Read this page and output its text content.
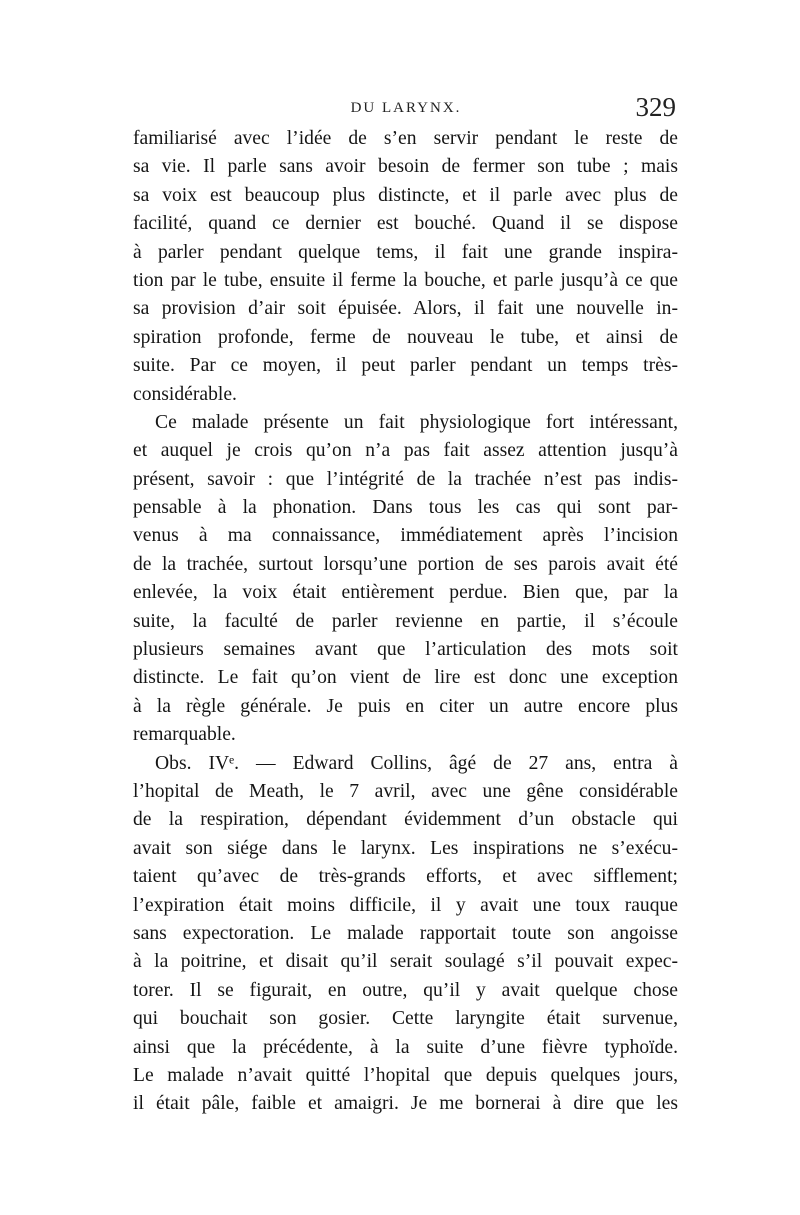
DU LARYNX.	329
familiarisé avec l’idée de s’en servir pendant le reste de
sa vie. Il parle sans avoir besoin de fermer son tube ; mais
sa voix est beaucoup plus distincte, et il parle avec plus de
facilité, quand ce dernier est bouché. Quand il se dispose
à parler pendant quelque tems, il fait une grande inspira-
tion par le tube, ensuite il ferme la bouche, et parle jusqu’à ce que
sa provision d’air soit épuisée. Alors, il fait une nouvelle in-
spiration profonde, ferme de nouveau le tube, et ainsi de
suite. Par ce moyen, il peut parler pendant un temps très-
considérable.
Ce malade présente un fait physiologique fort intéressant,
et auquel je crois qu’on n’a pas fait assez attention jusqu’à
présent, savoir : que l’intégrité de la trachée n’est pas indis-
pensable à la phonation. Dans tous les cas qui sont par-
venus à ma connaissance, immédiatement après l’incision
de la trachée, surtout lorsqu’une portion de ses parois avait été
enlevée, la voix était entièrement perdue. Bien que, par la
suite, la faculté de parler revienne en partie, il s’écoule
plusieurs semaines avant que l’articulation des mots soit
distincte. Le fait qu’on vient de lire est donc une exception
à la règle générale. Je puis en citer un autre encore plus
remarquable.
Obs. IVᵉ. — Edward Collins, âgé de 27 ans, entra à
l’hopital de Meath, le 7 avril, avec une gêne considérable
de la respiration, dépendant évidemment d’un obstacle qui
avait son siége dans le larynx. Les inspirations ne s’exécu-
taient qu’avec de très-grands efforts, et avec sifflement;
l’expiration était moins difficile, il y avait une toux rauque
sans expectoration. Le malade rapportait toute son angoisse
à la poitrine, et disait qu’il serait soulagé s’il pouvait expec-
torer. Il se figurait, en outre, qu’il y avait quelque chose
qui bouchait son gosier. Cette laryngite était survenue,
ainsi que la précédente, à la suite d’une fièvre typhoïde.
Le malade n’avait quitté l’hopital que depuis quelques jours,
il était pâle, faible et amaigri. Je me bornerai à dire que les
